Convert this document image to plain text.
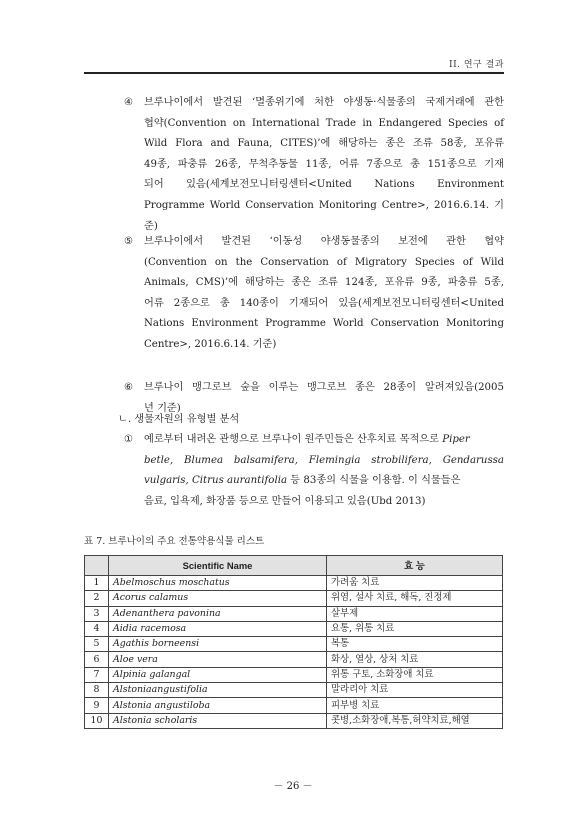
II. 연구 결과
④	브루나이에서 발견된 ‘멸종위기에 처한 야생동·식물종의 국제거래에 관한
협약(Convention on International Trade in Endangered Species of
Wild Flora and Fauna, CITES)’에 해당하는 종은 조류 58종, 포유류
49종, 파충류 26종, 무척추동물 11종, 어류 7종으로 총 151종으로 기재
되어 있음(세계보전모니터링센터<United Nations Environment
Programme World Conservation Monitoring Centre>, 2016.6.14. 기
준)
⑤	브루나이에서 발견된 ‘이동성 야생동물종의 보전에 관한 협약
(Convention on the Conservation of Migratory Species of Wild
Animals, CMS)’에 해당하는 종은 조류 124종, 포유류 9종, 파충류 5종,
어류 2종으로 총 140종이 기재되어 있음(세계보전모니터링센터<United
Nations Environment Programme World Conservation Monitoring
Centre>, 2016.6.14. 기준)
⑥	브루나이 맹그로브 숲을 이루는 맹그로브 종은 28종이 알려져있음(2005
년 기준)
ㄴ. 생물자원의 유형별 분석
①	예로부터 내려온 관행으로 브루나이 원주민들은 산후치료 목적으로 Piper
betle, Blumea balsamifera, Flemingia strobilifera, Gendarussa
vulgaris, Citrus aurantifolia 등 83종의 식물을 이용함. 이 식물들은
음료, 입욕제, 화장품 등으로 만들어 이용되고 있음(Ubd 2013)
표 7. 브루나이의 주요 전통약용식물 리스트
	Scientific Name	효 능
1	Abelmoschus moschatus	가려움 치료
2	Acorus calamus	위염, 설사 치료, 해독, 진정제
3	Adenanthera pavonina	살부제
4	Aidia racemosa	요통, 위통 치료
5	Agathis borneensi	복통
6	Aloe vera	화상, 열상, 상처 치료
7	Alpinia galangal	위통 구토, 소화장애 치료
8	Alstoniaangustifolia	말라리아 치료
9	Alstonia angustiloba	피부병 치료
10	Alstonia scholaris	콧병,소화장애,복통,허약치료,해열
－ 26 －
